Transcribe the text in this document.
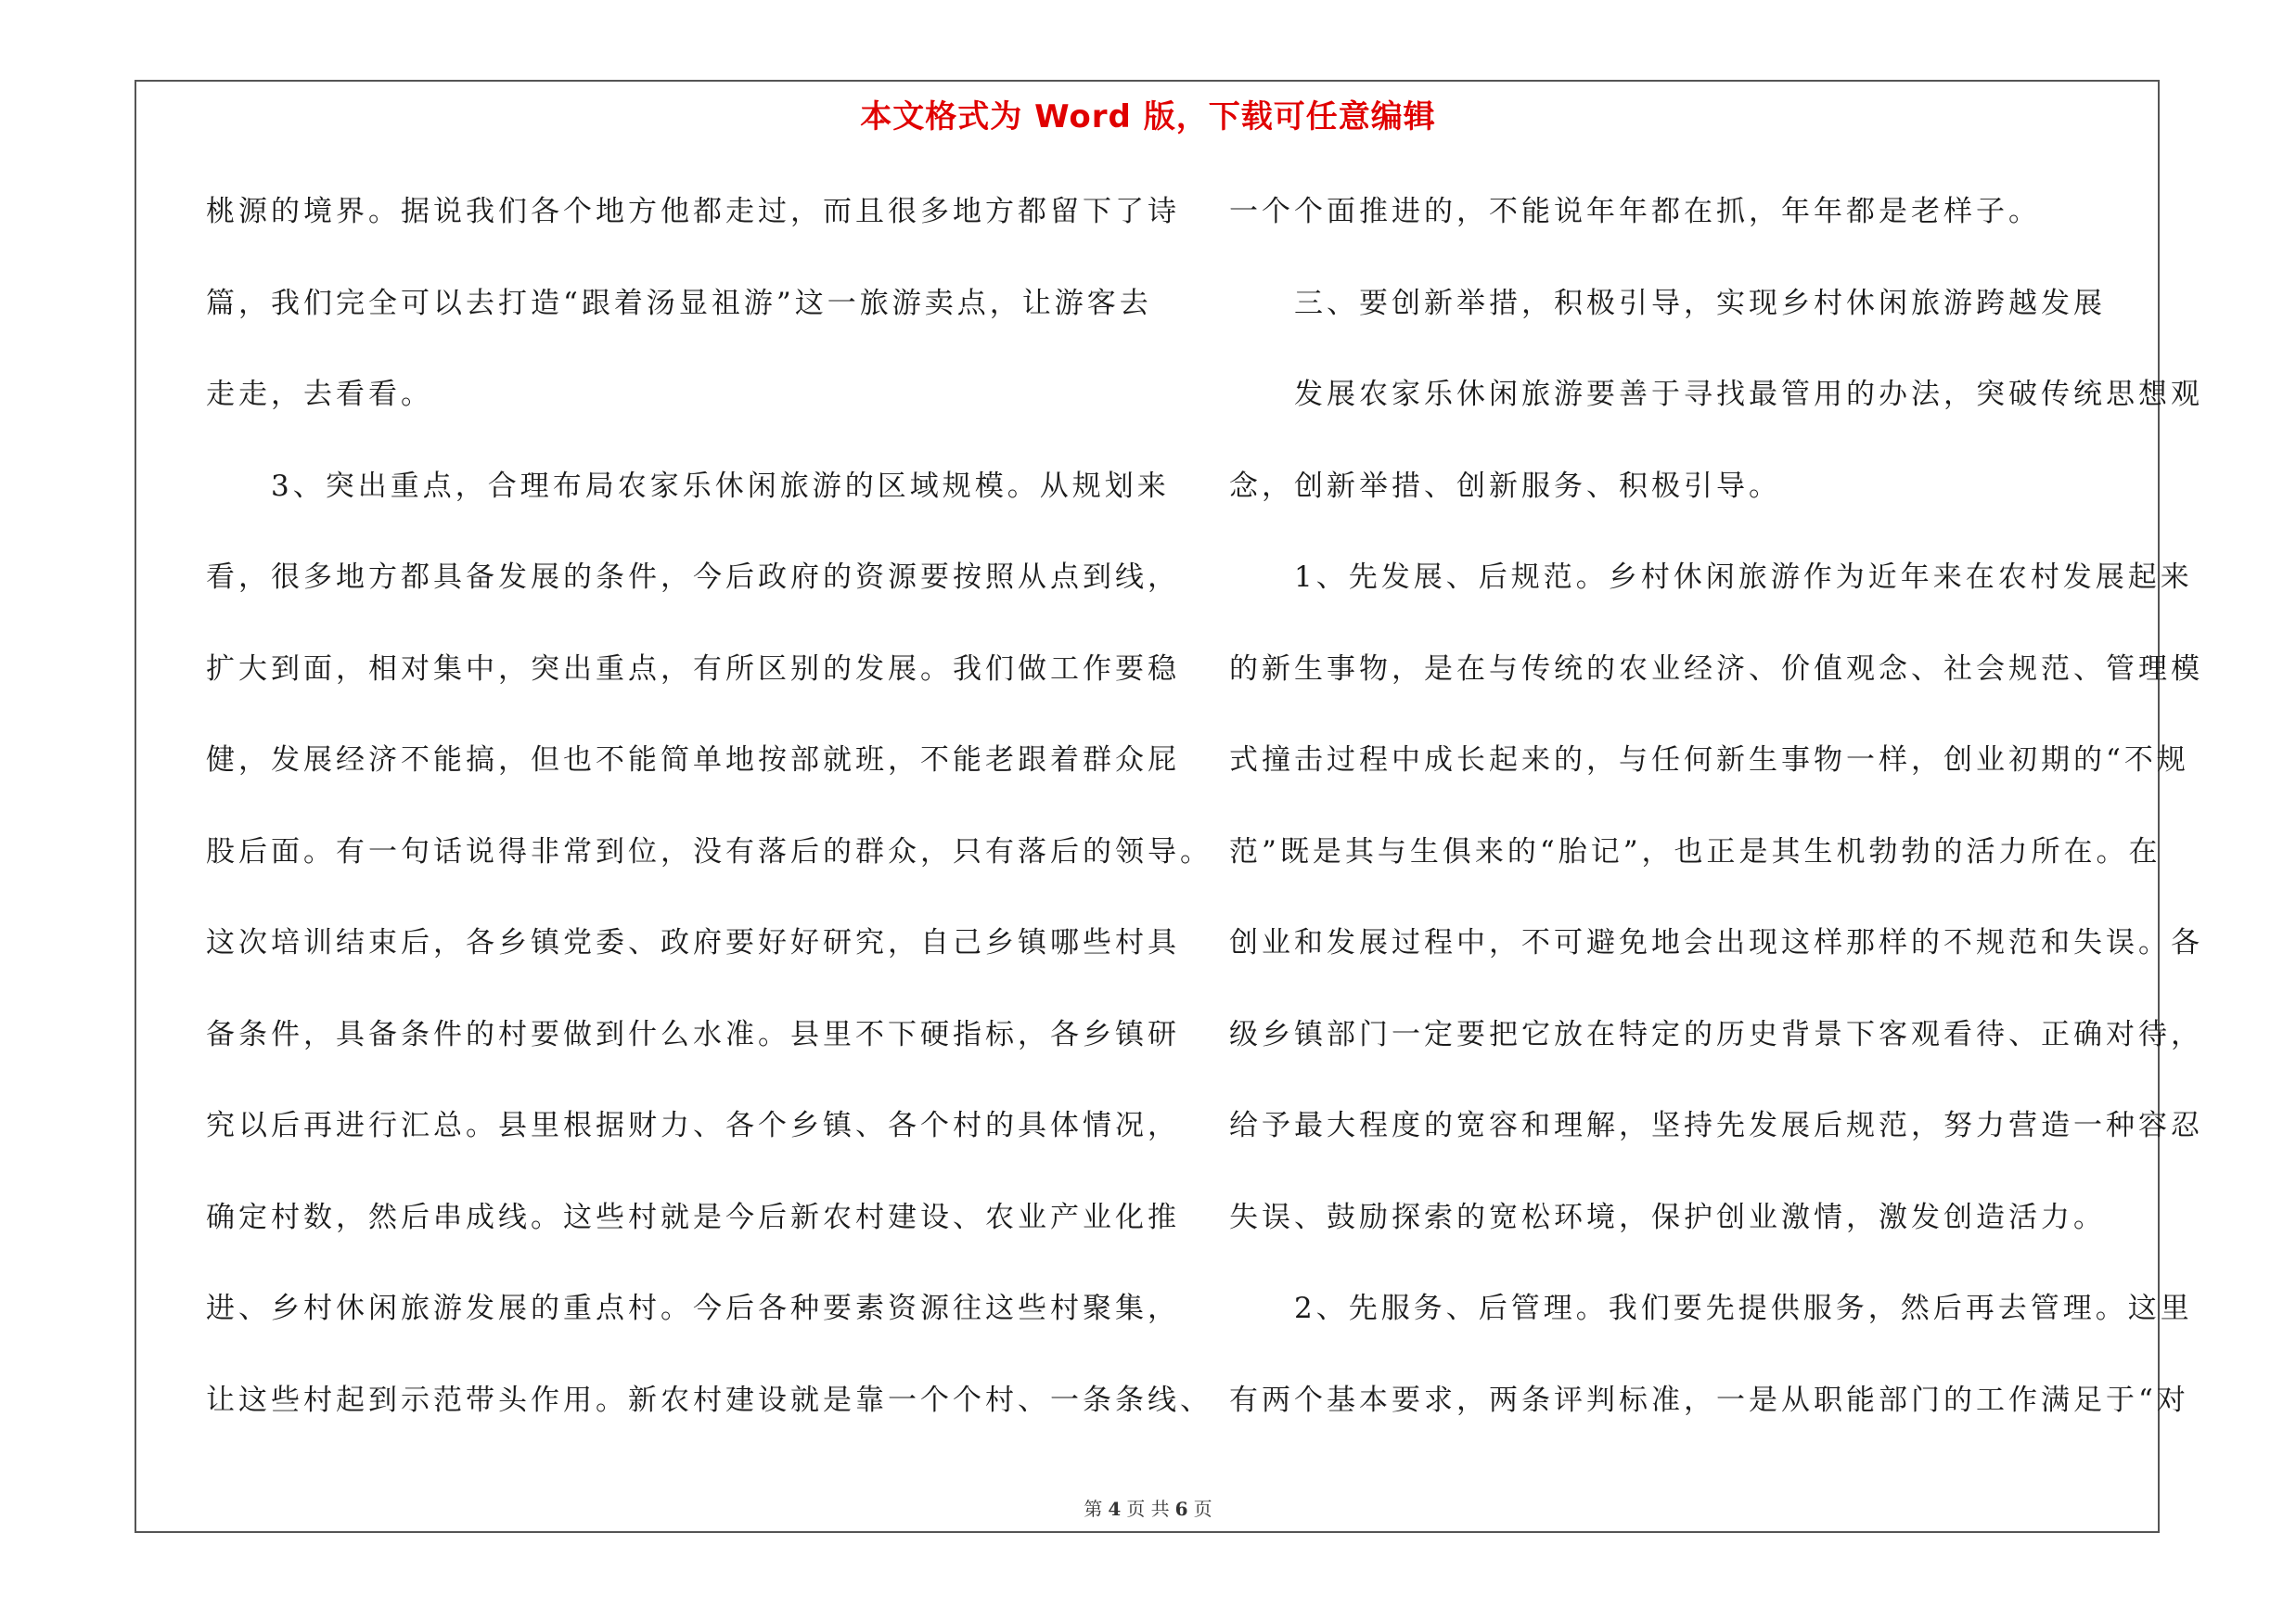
本文格式为 Word 版，下载可任意编辑
桃源的境界。据说我们各个地方他都走过，而且很多地方都留下了诗
篇，我们完全可以去打造“跟着汤显祖游”这一旅游卖点，让游客去
走走，去看看。
　　3、突出重点，合理布局农家乐休闲旅游的区域规模。从规划来
看，很多地方都具备发展的条件，今后政府的资源要按照从点到线，
扩大到面，相对集中，突出重点，有所区别的发展。我们做工作要稳
健，发展经济不能搞，但也不能简单地按部就班，不能老跟着群众屁
股后面。有一句话说得非常到位，没有落后的群众，只有落后的领导。
这次培训结束后，各乡镇党委、政府要好好研究，自己乡镇哪些村具
备条件，具备条件的村要做到什么水准。县里不下硬指标，各乡镇研
究以后再进行汇总。县里根据财力、各个乡镇、各个村的具体情况，
确定村数，然后串成线。这些村就是今后新农村建设、农业产业化推
进、乡村休闲旅游发展的重点村。今后各种要素资源往这些村聚集，
让这些村起到示范带头作用。新农村建设就是靠一个个村、一条条线、
一个个面推进的，不能说年年都在抓，年年都是老样子。
　　三、要创新举措，积极引导，实现乡村休闲旅游跨越发展
　　发展农家乐休闲旅游要善于寻找最管用的办法，突破传统思想观
念，创新举措、创新服务、积极引导。
　　1、先发展、后规范。乡村休闲旅游作为近年来在农村发展起来
的新生事物，是在与传统的农业经济、价值观念、社会规范、管理模
式撞击过程中成长起来的，与任何新生事物一样，创业初期的“不规
范”既是其与生俱来的“胎记”，也正是其生机勃勃的活力所在。在
创业和发展过程中，不可避免地会出现这样那样的不规范和失误。各
级乡镇部门一定要把它放在特定的历史背景下客观看待、正确对待，
给予最大程度的宽容和理解，坚持先发展后规范，努力营造一种容忍
失误、鼓励探索的宽松环境，保护创业激情，激发创造活力。
　　2、先服务、后管理。我们要先提供服务，然后再去管理。这里
有两个基本要求，两条评判标准，一是从职能部门的工作满足于“对
第 4 页 共 6 页
